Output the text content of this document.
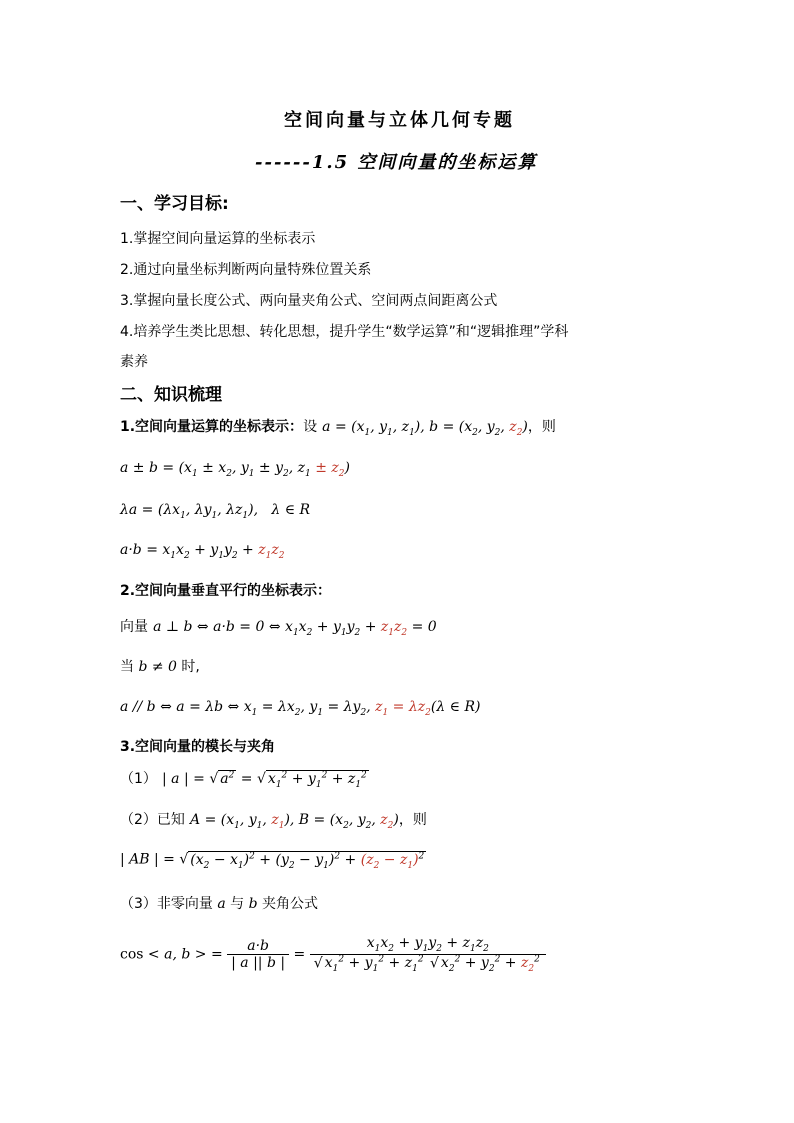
空间向量与立体几何专题
------1.5 空间向量的坐标运算
一、学习目标:
1.掌握空间向量运算的坐标表示
2.通过向量坐标判断两向量特殊位置关系
3.掌握向量长度公式、两向量夹角公式、空间两点间距离公式
4.培养学生类比思想、转化思想，提升学生“数学运算”和“逻辑推理”学科
素养
二、知识梳理
1.空间向量运算的坐标表示：设 $a = (x_1$, $y_1$, $z_1$), $b = (x_2$, $y_2$, $z_2$)，则
$a \pm b = (x_1 \pm x_2$, $y_1 \pm y_2$, $z_1 \pm z_2$)
$\lambda a = (\lambda x_1$, $\lambda y_1$, $\lambda z_1$),   λ ∈ R
$a\cdot b = x_1x_2 + y_1y_2 + z_1z_2$
2.空间向量垂直平行的坐标表示：
向量 a ⊥ b ⇔ a·b = 0 ⇔ $x_1x_2 + y_1y_2 + z_1z_2 = 0$
当 b ≠ 0 时,
a // b ⇔ a = λb ⇔ $x_1 = \lambda x_2$, $y_1 = \lambda y_2$, $z_1 = \lambda z_2(\lambda$ ∈ R)
3.空间向量的模长与夹角
（1） | a | = √ $a^2$ = √ $x_1^2 + y_1^2 + z_1^2$
（2）已知 $A = (x_1$, $y_1$, $z_1$), $B = (x_2$, $y_2$, $z_2$)，则
| AB | = √ $(x_2 - x_1)^2 + (y_2 - y_1)^2 + (z_2 - z_1)^2$
（3）非零向量 a 与 b 夹角公式
cos < a, b > = $\frac{a\cdot b}{| a || b |} = \frac{x_1x_2 + y_1y_2 + z_1z_2}{√ x_1^2 + y_1^2 + z_1^2 √ x_2^2 + y_2^2 + z_2^2}$
